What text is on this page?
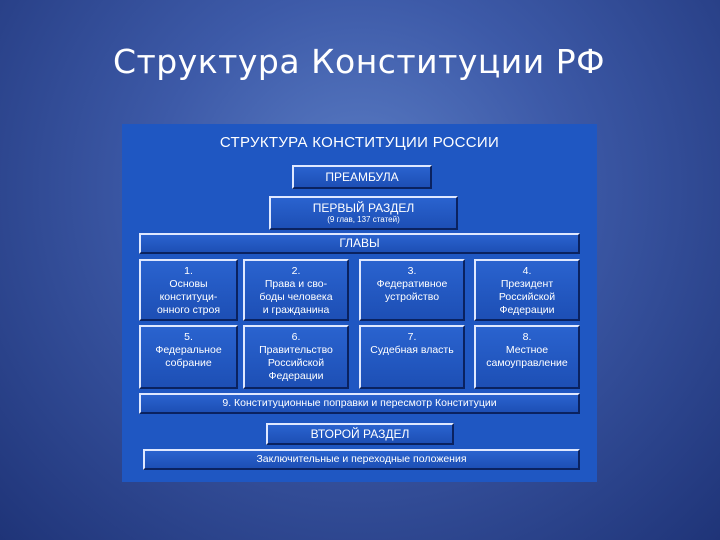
Структура Конституции РФ
СТРУКТУРА КОНСТИТУЦИИ РОССИИ
ПРЕАМБУЛА
ПЕРВЫЙ РАЗДЕЛ
(9 глав, 137 статей)
ГЛАВЫ
1.
Основы
конституци-
онного строя
2.
Права и сво-
боды человека
и гражданина
3.
Федеративное
устройство
4.
Президент
Российской
Федерации
5.
Федеральное
собрание
6.
Правительство
Российской
Федерации
7.
Судебная власть
8.
Местное
самоуправление
9. Конституционные поправки и пересмотр Конституции
ВТОРОЙ РАЗДЕЛ
Заключительные и переходные положения
